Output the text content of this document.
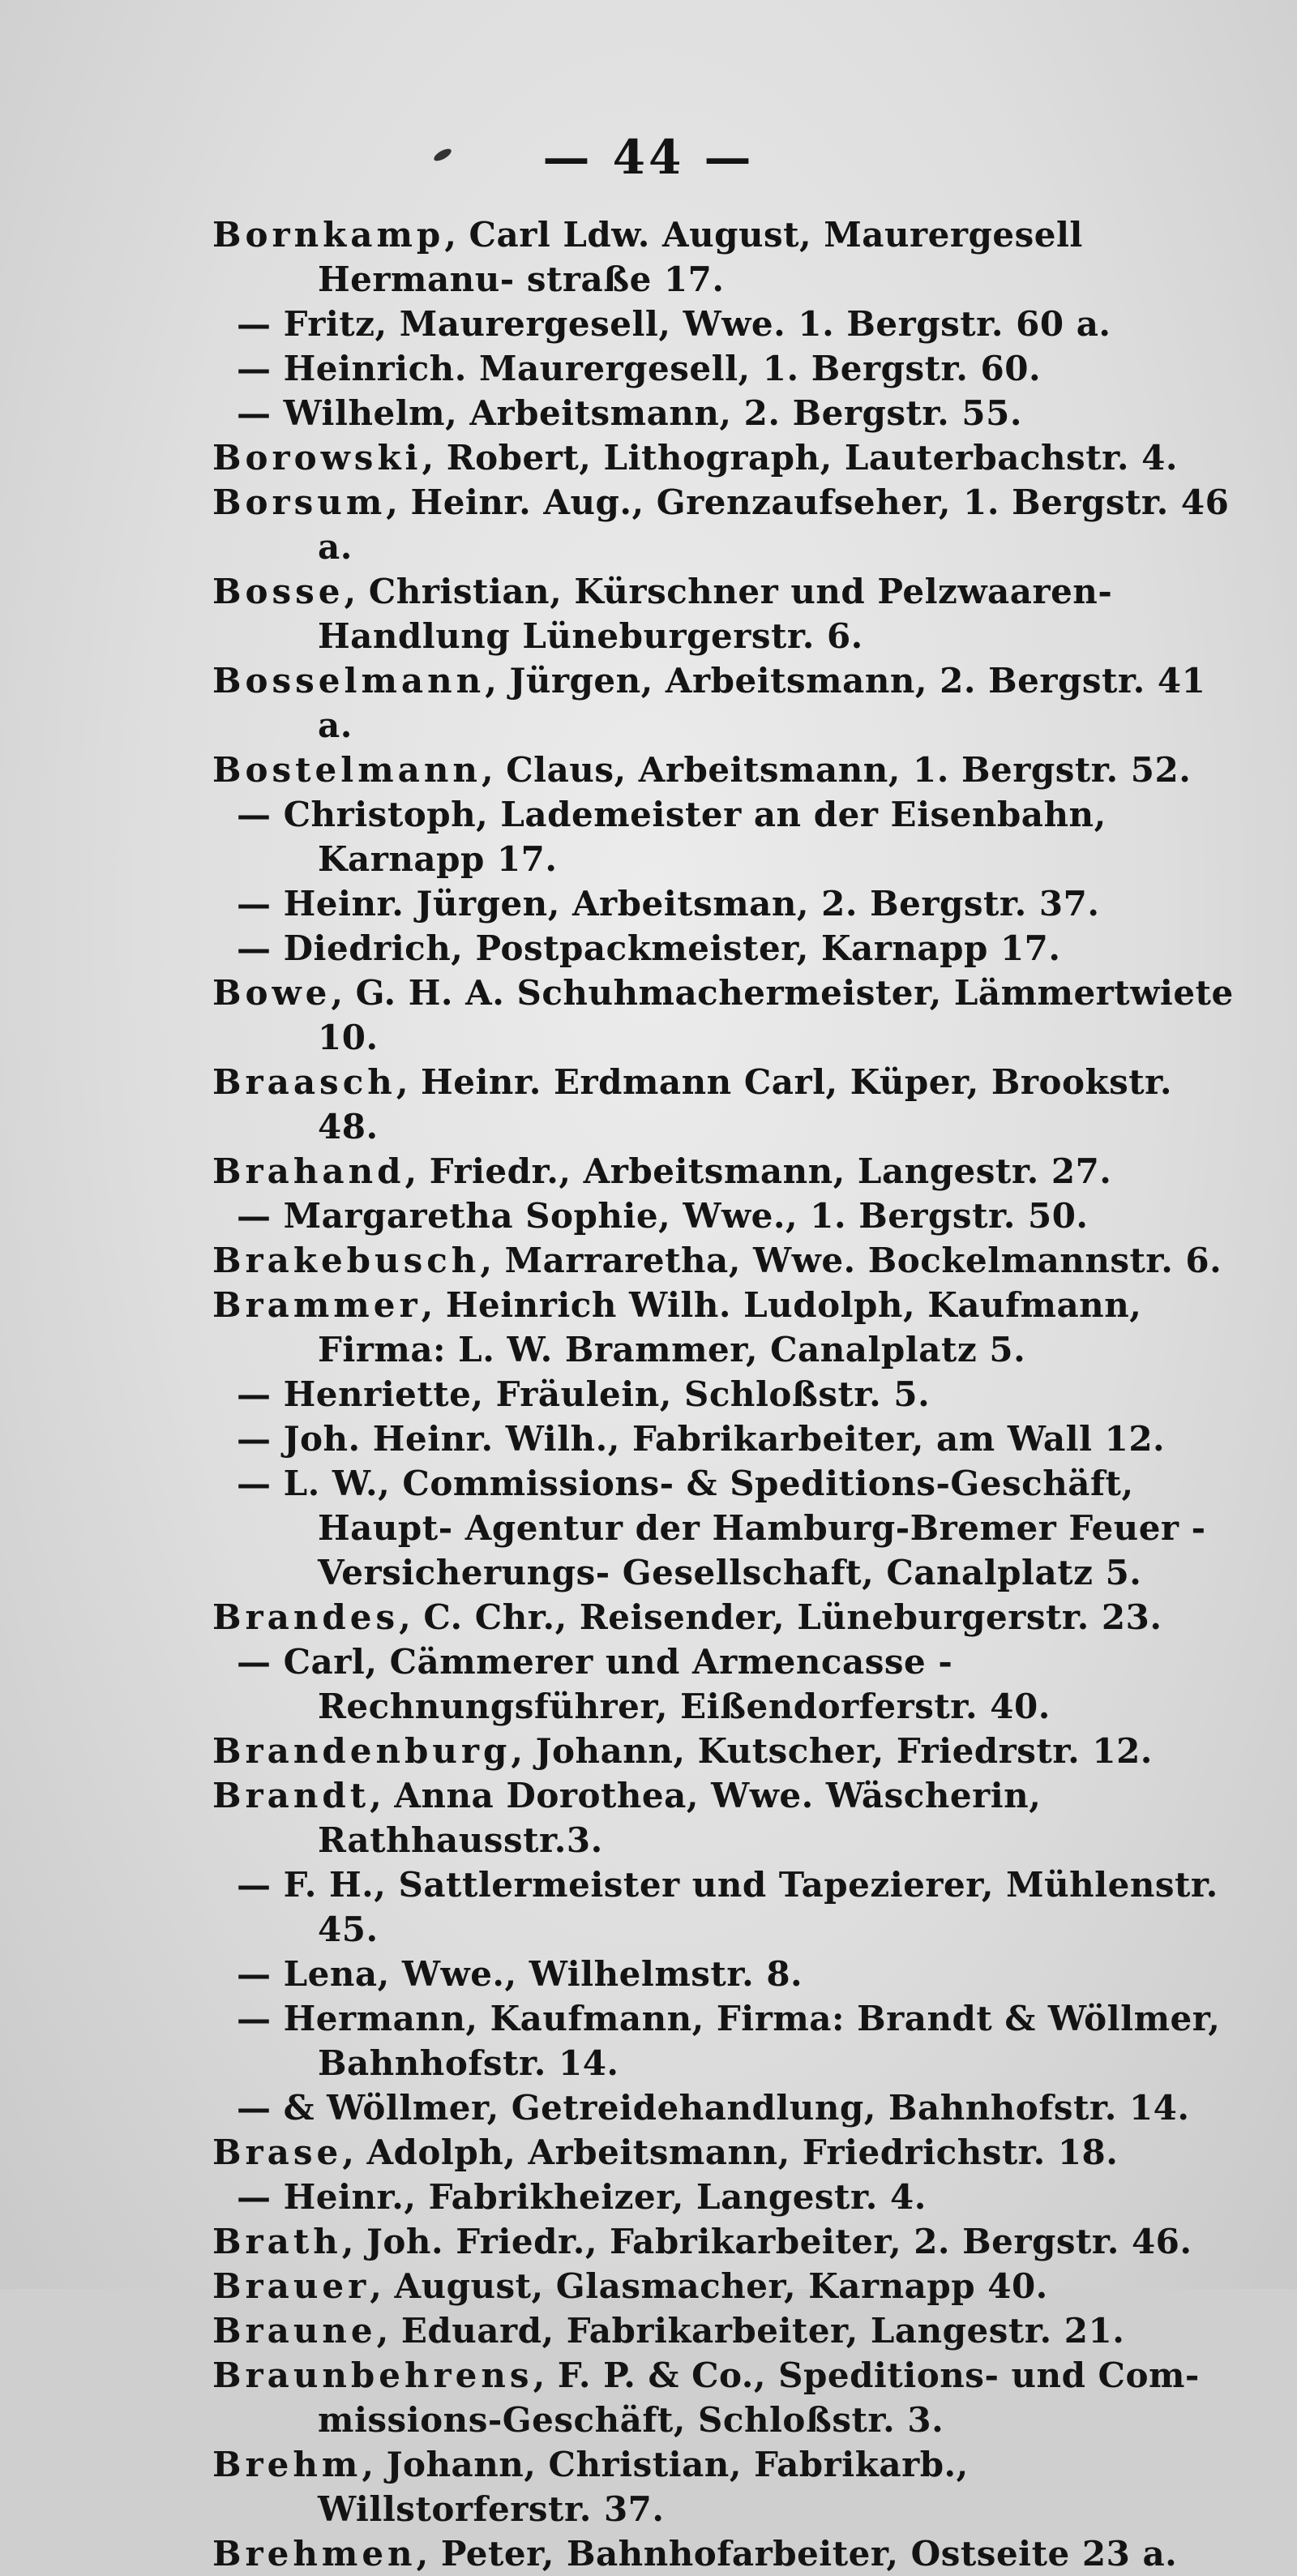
— 44 —
Bornkamp, Carl Ldw. August, Maurergesell Hermanu- straße 17.
— Fritz, Maurergesell, Wwe. 1. Bergstr. 60 a.
— Heinrich. Maurergesell, 1. Bergstr. 60.
— Wilhelm, Arbeitsmann, 2. Bergstr. 55.
Borowski, Robert, Lithograph, Lauterbachstr. 4.
Borsum, Heinr. Aug., Grenzaufseher, 1. Bergstr. 46 a.
Bosse, Christian, Kürschner und Pelzwaaren-Handlung Lüneburgerstr. 6.
Bosselmann, Jürgen, Arbeitsmann, 2. Bergstr. 41 a.
Bostelmann, Claus, Arbeitsmann, 1. Bergstr. 52.
— Christoph, Lademeister an der Eisenbahn, Karnapp 17.
— Heinr. Jürgen, Arbeitsman, 2. Bergstr. 37.
— Diedrich, Postpackmeister, Karnapp 17.
Bowe, G. H. A. Schuhmachermeister, Lämmertwiete 10.
Braasch, Heinr. Erdmann Carl, Küper, Brookstr. 48.
Brahand, Friedr., Arbeitsmann, Langestr. 27.
— Margaretha Sophie, Wwe., 1. Bergstr. 50.
Brakebusch, Marraretha, Wwe. Bockelmannstr. 6.
Brammer, Heinrich Wilh. Ludolph, Kaufmann, Firma: L. W. Brammer, Canalplatz 5.
— Henriette, Fräulein, Schloßstr. 5.
— Joh. Heinr. Wilh., Fabrikarbeiter, am Wall 12.
— L. W., Commissions- & Speditions-Geschäft, Haupt- Agentur der Hamburg-Bremer Feuer - Versicherungs- Gesellschaft, Canalplatz 5.
Brandes, C. Chr., Reisender, Lüneburgerstr. 23.
— Carl, Cämmerer und Armencasse - Rechnungsführer, Eißendorferstr. 40.
Brandenburg, Johann, Kutscher, Friedrstr. 12.
Brandt, Anna Dorothea, Wwe. Wäscherin, Rathhausstr.3.
— F. H., Sattlermeister und Tapezierer, Mühlenstr. 45.
— Lena, Wwe., Wilhelmstr. 8.
— Hermann, Kaufmann, Firma: Brandt & Wöllmer, Bahnhofstr. 14.
— & Wöllmer, Getreidehandlung, Bahnhofstr. 14.
Brase, Adolph, Arbeitsmann, Friedrichstr. 18.
— Heinr., Fabrikheizer, Langestr. 4.
Brath, Joh. Friedr., Fabrikarbeiter, 2. Bergstr. 46.
Brauer, August, Glasmacher, Karnapp 40.
Braune, Eduard, Fabrikarbeiter, Langestr. 21.
Braunbehrens, F. P. & Co., Speditions- und Com- missions-Geschäft, Schloßstr. 3.
Brehm, Johann, Christian, Fabrikarb., Willstorferstr. 37.
Brehmen, Peter, Bahnhofarbeiter, Ostseite 23 a.
